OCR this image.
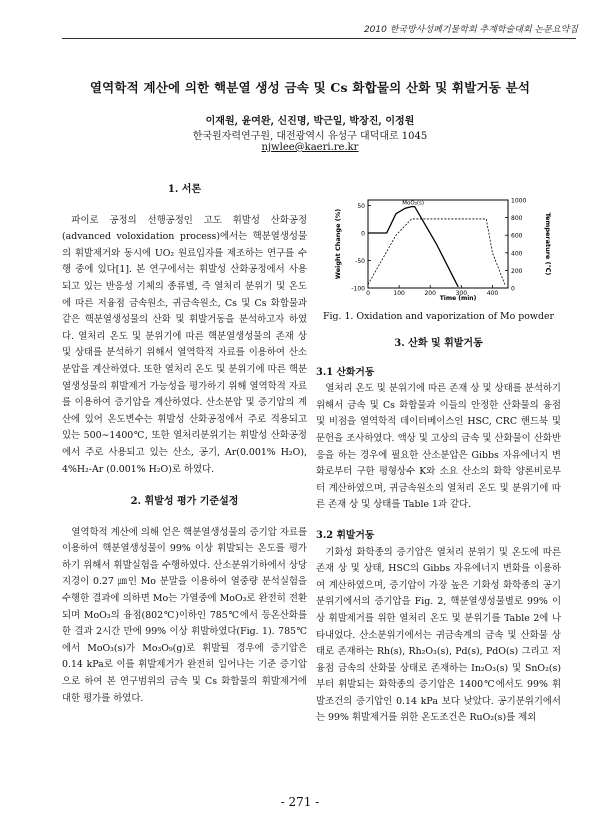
2010 한국방사성폐기물학회 추계학술대회 논문요약집
열역학적 계산에 의한 핵분열 생성 금속 및 Cs 화합물의 산화 및 휘발거동 분석
이재원, 윤여완, 신진명, 박근일, 박장진, 이정원
한국원자력연구원, 대전광역시 유성구 대덕대로 1045
njwlee@kaeri.re.kr
1. 서론

파이로 공정의 선행공정인 고도 휘발성 산화공정(advanced voloxidation process)에서는 핵분열생성물의 휘발제거와 동시에 UO₂ 원료입자를 제조하는 연구를 수행 중에 있다[1]. 본 연구에서는 휘발성 산화공정에서 사용되고 있는 반응성 기체의 종류별, 즉 열처리 분위기 및 온도에 따른 저융점 금속원소, 귀금속원소, Cs 및 Cs 화합물과 같은 핵분열생성물의 산화 및 휘발거동을 분석하고자 하였다. 열처리 온도 및 분위기에 따른 핵분열생성물의 존재 상 및 상태를 분석하기 위해서 열역학적 자료를 이용하여 산소분압을 계산하였다. 또한 열처리 온도 및 분위기에 따른 핵분열생성물의 휘발제거 가능성을 평가하기 위해 열역학적 자료를 이용하여 증기압을 계산하였다. 산소분압 및 증기압의 계산에 있어 온도변수는 휘발성 산화공정에서 주로 적용되고 있는 500∼1400℃, 또한 열처리분위기는 휘발성 산화공정에서 주로 사용되고 있는 산소, 공기, Ar(0.001% H₂O), 4%H₂-Ar (0.001% H₂O)로 하였다.

2. 휘발성 평가 기준설정

열역학적 계산에 의해 얻은 핵분열생성물의 증기압 자료를 이용하여 핵분열생성물이 99% 이상 휘발되는 온도를 평가하기 위해서 휘발실험을 수행하였다. 산소분위기하에서 상당지경이 0.27 ㎛인 Mo 분말을 이용하여 열중량 분석실험을 수행한 결과에 의하면 Mo는 가열중에 MoO₃로 완전히 전환되며 MoO₃의 융점(802℃)이하인 785℃에서 등온산화를 한 결과 2시간 만에 99% 이상 휘발하였다(Fig. 1). 785℃에서 MoO₃(s)가 Mo₃O₉(g)로 휘발될 경우에 증기압은 0.14 kPa로 이를 휘발제거가 완전히 일어나는 기준 증기압으로 하여 본 연구범위의 금속 및 Cs 화합물의 휘발제거에 대한 평가를 하였다.

50
0
-50
-100
1000
800
600
400
200
0
0	100	200	300	400
Weight Change (%)	Temperature (℃)
Time (min)
MoO₃(s)
Fig. 1. Oxidation and vaporization of Mo powder
3. 산화 및 휘발거동
3.1 산화거동

열처리 온도 및 분위기에 따른 존재 상 및 상태를 분석하기 위해서 금속 및 Cs 화합물과 이들의 안정한 산화물의 융점 및 비점을 열역학적 데이터베이스인 HSC, CRC 핸드북 및 문헌을 조사하였다. 액상 및 고상의 금속 및 산화물이 산화반응을 하는 경우에 필요한 산소분압은 Gibbs 자유에너지 변화로부터 구한 평형상수 K와 소요 산소의 화학 양론비로부터 계산하였으며, 귀금속원소의 열처리 온도 및 분위기에 따른 존재 상 및 상태를 Table 1과 같다.

3.2 휘발거동

기화성 화학종의 증기압은 열처리 분위기 및 온도에 따른 존재 상 및 상태, HSC의 Gibbs 자유에너지 변화를 이용하여 계산하였으며, 증기압이 가장 높은 기화성 화학종의 공기분위기에서의 증기압을 Fig. 2, 핵분열생성물별로 99% 이상 휘발제거를 위한 열처리 온도 및 분위기를 Table 2에 나타내었다. 산소분위기에서는 귀금속계의 금속 및 산화물 상태로 존재하는 Rh(s), Rh₂O₃(s), Pd(s), PdO(s) 그리고 저융점 금속의 산화물 상태로 존재하는 In₂O₃(s) 및 SnO₂(s)부터 휘발되는 화학종의 증기압은 1400℃에서도 99% 휘발조건의 증기압인 0.14 kPa 보다 낮았다. 공기분위기에서는 99% 휘발제거를 위한 온도조건은 RuO₂(s)를 제외

- 271 -
